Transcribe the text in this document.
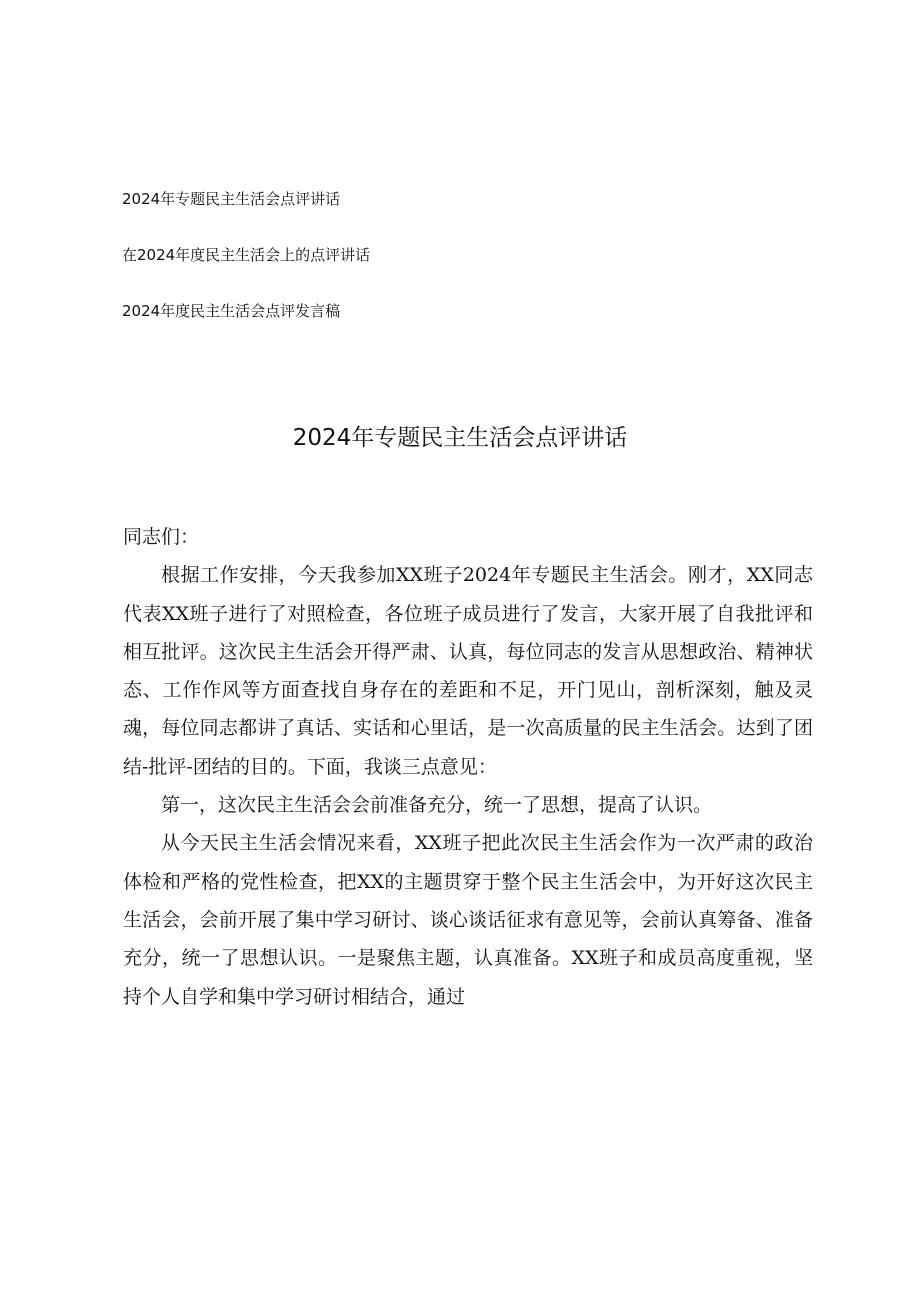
2024年专题民主生活会点评讲话
在2024年度民主生活会上的点评讲话
2024年度民主生活会点评发言稿
2024年专题民主生活会点评讲话

同志们：

根据工作安排，今天我参加XX班子2024年专题民主生活会。刚才，XX同志代表XX班子进行了对照检查，各位班子成员进行了发言，大家开展了自我批评和相互批评。这次民主生活会开得严肃、认真，每位同志的发言从思想政治、精神状态、工作作风等方面查找自身存在的差距和不足，开门见山，剖析深刻，触及灵魂，每位同志都讲了真话、实话和心里话，是一次高质量的民主生活会。达到了团结-批评-团结的目的。下面，我谈三点意见：

第一，这次民主生活会会前准备充分，统一了思想，提高了认识。

从今天民主生活会情况来看，XX班子把此次民主生活会作为一次严肃的政治体检和严格的党性检查，把XX的主题贯穿于整个民主生活会中，为开好这次民主生活会，会前开展了集中学习研讨、谈心谈话征求有意见等，会前认真筹备、准备充分，统一了思想认识。一是聚焦主题，认真准备。XX班子和成员高度重视，坚持个人自学和集中学习研讨相结合，通过
